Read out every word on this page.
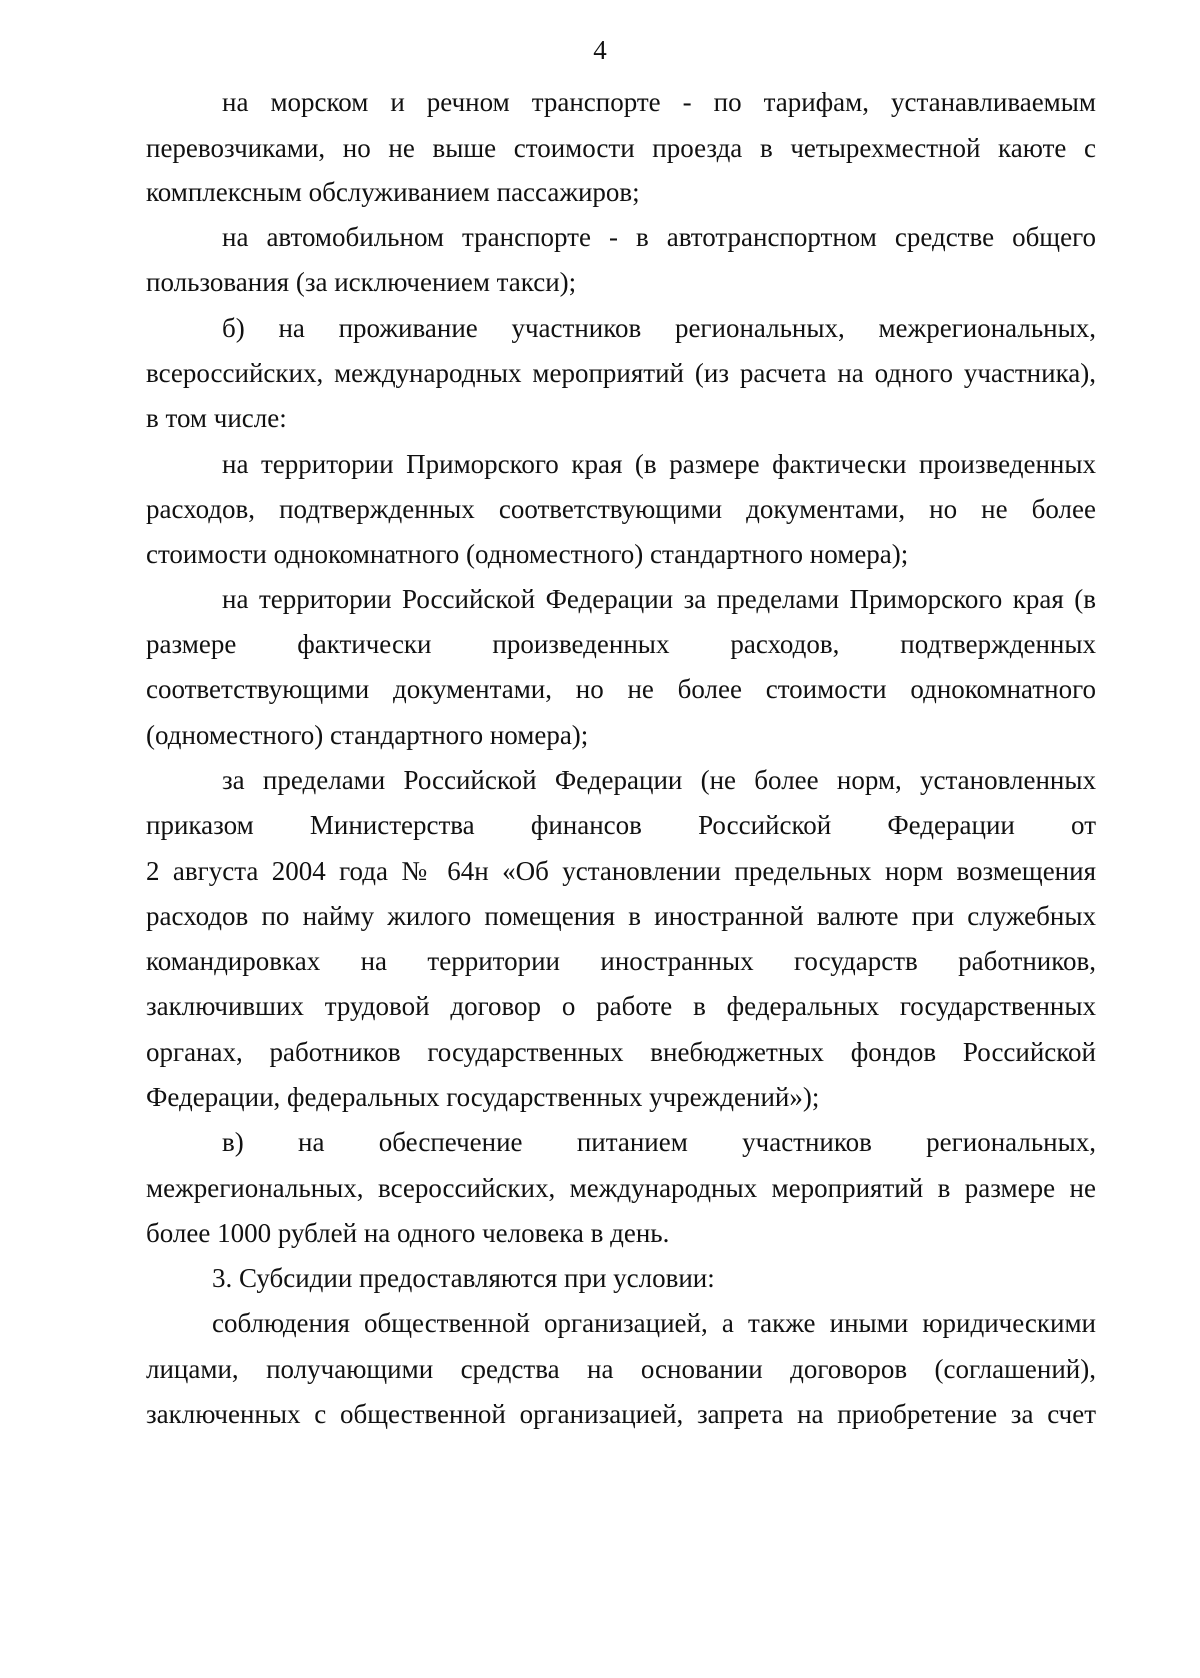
4
на морском и речном транспорте - по тарифам, устанавливаемым
перевозчиками, но не выше стоимости проезда в четырехместной каюте с
комплексным обслуживанием пассажиров;
на автомобильном транспорте - в автотранспортном средстве общего
пользования (за исключением такси);
б) на проживание участников региональных, межрегиональных,
всероссийских, международных мероприятий (из расчета на одного участника),
в том числе:
на территории Приморского края (в размере фактически произведенных
расходов, подтвержденных соответствующими документами, но не более
стоимости однокомнатного (одноместного) стандартного номера);
на территории Российской Федерации за пределами Приморского края (в
размере фактически произведенных расходов, подтвержденных
соответствующими документами, но не более стоимости однокомнатного
(одноместного) стандартного номера);
за пределами Российской Федерации (не более норм, установленных
приказом Министерства финансов Российской Федерации от
2 августа 2004 года № 64н «Об установлении предельных норм возмещения
расходов по найму жилого помещения в иностранной валюте при служебных
командировках на территории иностранных государств работников,
заключивших трудовой договор о работе в федеральных государственных
органах, работников государственных внебюджетных фондов Российской
Федерации, федеральных государственных учреждений»);
в) на обеспечение питанием участников региональных,
межрегиональных, всероссийских, международных мероприятий в размере не
более 1000 рублей на одного человека в день.
3. Субсидии предоставляются при условии:
соблюдения общественной организацией, а также иными юридическими
лицами, получающими средства на основании договоров (соглашений),
заключенных с общественной организацией, запрета на приобретение за счет
